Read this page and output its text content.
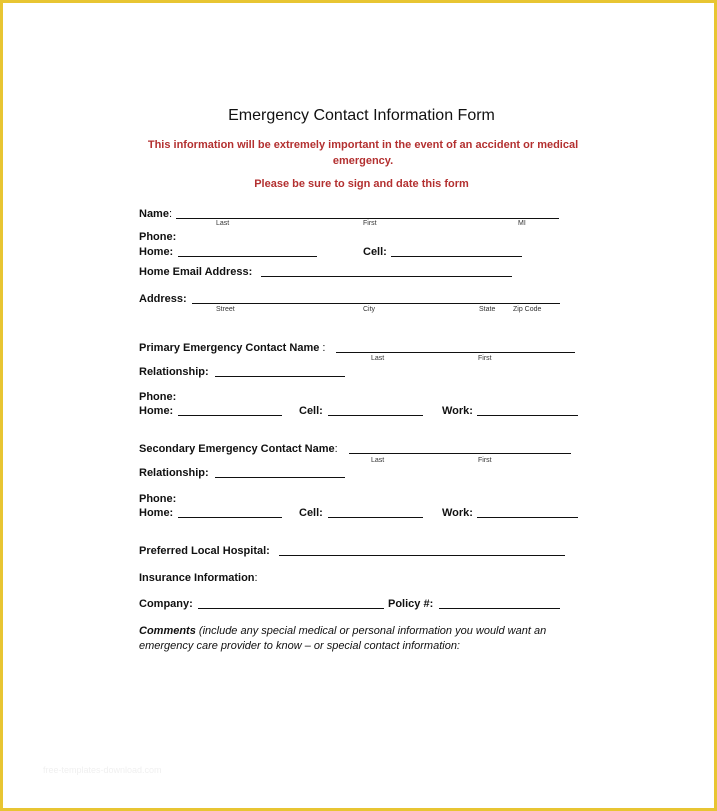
Emergency Contact Information Form
This information will be extremely important in the event of an accident or medical emergency.
Please be sure to sign and date this form
Name:
Last	First	MI
Phone:
Home:	Cell:
Home Email Address:
Address:
Street	City	State	Zip Code
Primary Emergency Contact Name :
Last	First
Relationship:
Phone:
Home:	Cell:	Work:
Secondary Emergency Contact Name:
Last	First
Relationship:
Phone:
Home:	Cell:	Work:
Preferred Local Hospital:
Insurance Information:
Company:	Policy #:
Comments (include any special medical or personal information you would want an emergency care provider to know – or special contact information:
free-templates-download.com
